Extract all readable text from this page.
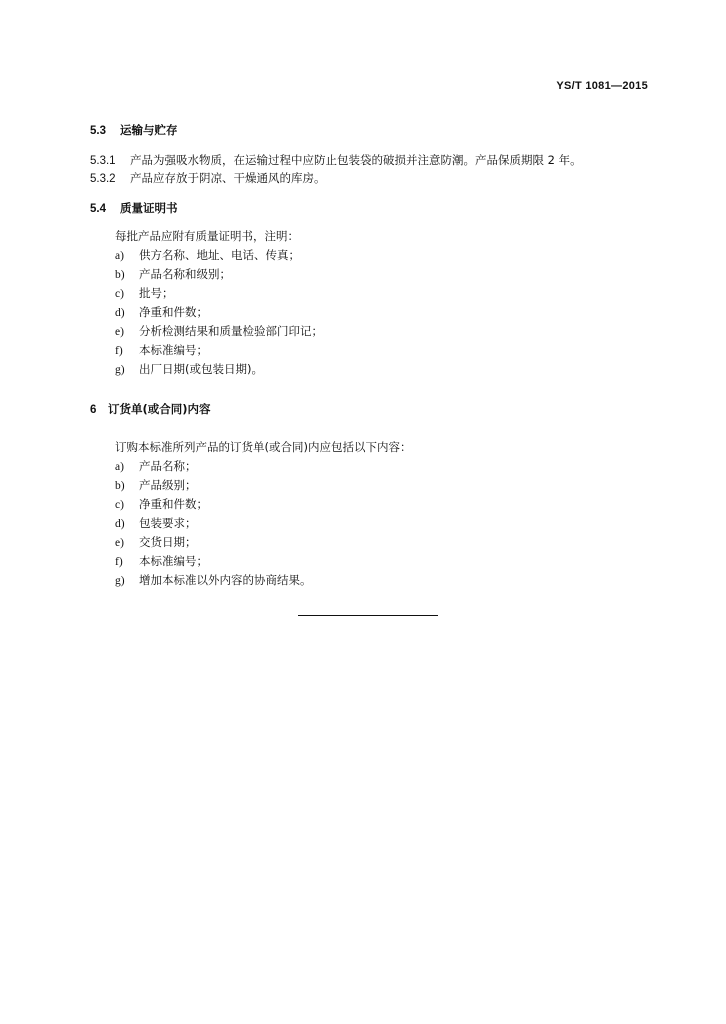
YS/T 1081—2015
5.3 运输与贮存
5.3.1 产品为强吸水物质，在运输过程中应防止包装袋的破损并注意防潮。产品保质期限 2 年。
5.3.2 产品应存放于阴凉、干燥通风的库房。
5.4 质量证明书
每批产品应附有质量证明书，注明：
a) 供方名称、地址、电话、传真；
b) 产品名称和级别；
c) 批号；
d) 净重和件数；
e) 分析检测结果和质量检验部门印记；
f) 本标准编号；
g) 出厂日期(或包装日期)。
6 订货单(或合同)内容
订购本标准所列产品的订货单(或合同)内应包括以下内容：
a) 产品名称；
b) 产品级别；
c) 净重和件数；
d) 包装要求；
e) 交货日期；
f) 本标准编号；
g) 增加本标准以外内容的协商结果。
